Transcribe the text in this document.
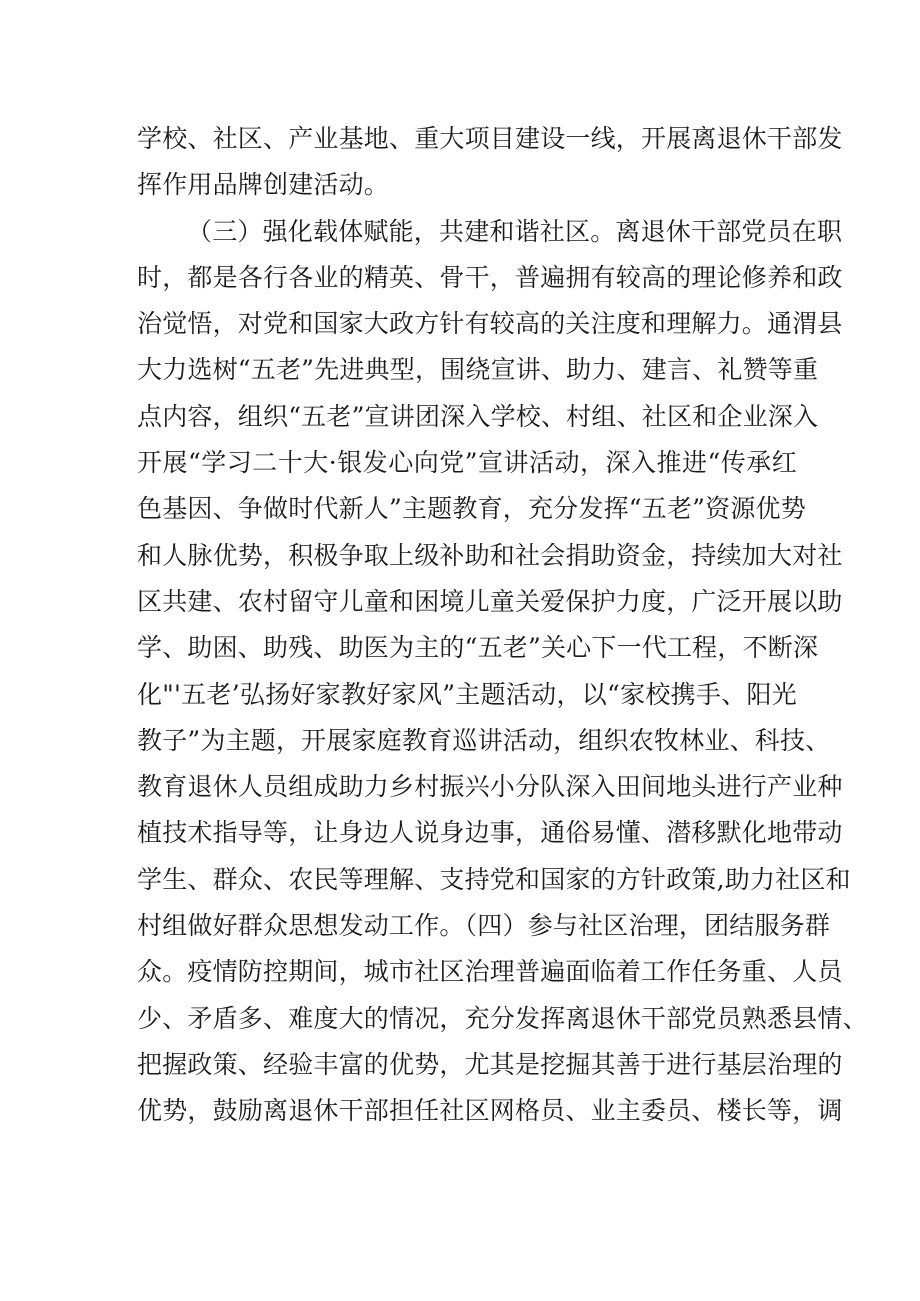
学校、社区、产业基地、重大项目建设一线，开展离退休干部发
挥作用品牌创建活动。
（三）强化载体赋能，共建和谐社区。离退休干部党员在职
时，都是各行各业的精英、骨干，普遍拥有较高的理论修养和政
治觉悟，对党和国家大政方针有较高的关注度和理解力。通渭县
大力选树“五老”先进典型，围绕宣讲、助力、建言、礼赞等重
点内容，组织“五老”宣讲团深入学校、村组、社区和企业深入
开展“学习二十大·银发心向党”宣讲活动，深入推进“传承红
色基因、争做时代新人”主题教育，充分发挥“五老”资源优势
和人脉优势，积极争取上级补助和社会捐助资金，持续加大对社
区共建、农村留守儿童和困境儿童关爱保护力度，广泛开展以助
学、助困、助残、助医为主的“五老”关心下一代工程，不断深
化"'五老’弘扬好家教好家风”主题活动，以“家校携手、阳光
教子”为主题，开展家庭教育巡讲活动，组织农牧林业、科技、
教育退休人员组成助力乡村振兴小分队深入田间地头进行产业种
植技术指导等，让身边人说身边事，通俗易懂、潜移默化地带动
学生、群众、农民等理解、支持党和国家的方针政策,助力社区和
村组做好群众思想发动工作。（四）参与社区治理，团结服务群
众。疫情防控期间，城市社区治理普遍面临着工作任务重、人员
少、矛盾多、难度大的情况，充分发挥离退休干部党员熟悉县情、
把握政策、经验丰富的优势，尤其是挖掘其善于进行基层治理的
优势，鼓励离退休干部担任社区网格员、业主委员、楼长等，调
